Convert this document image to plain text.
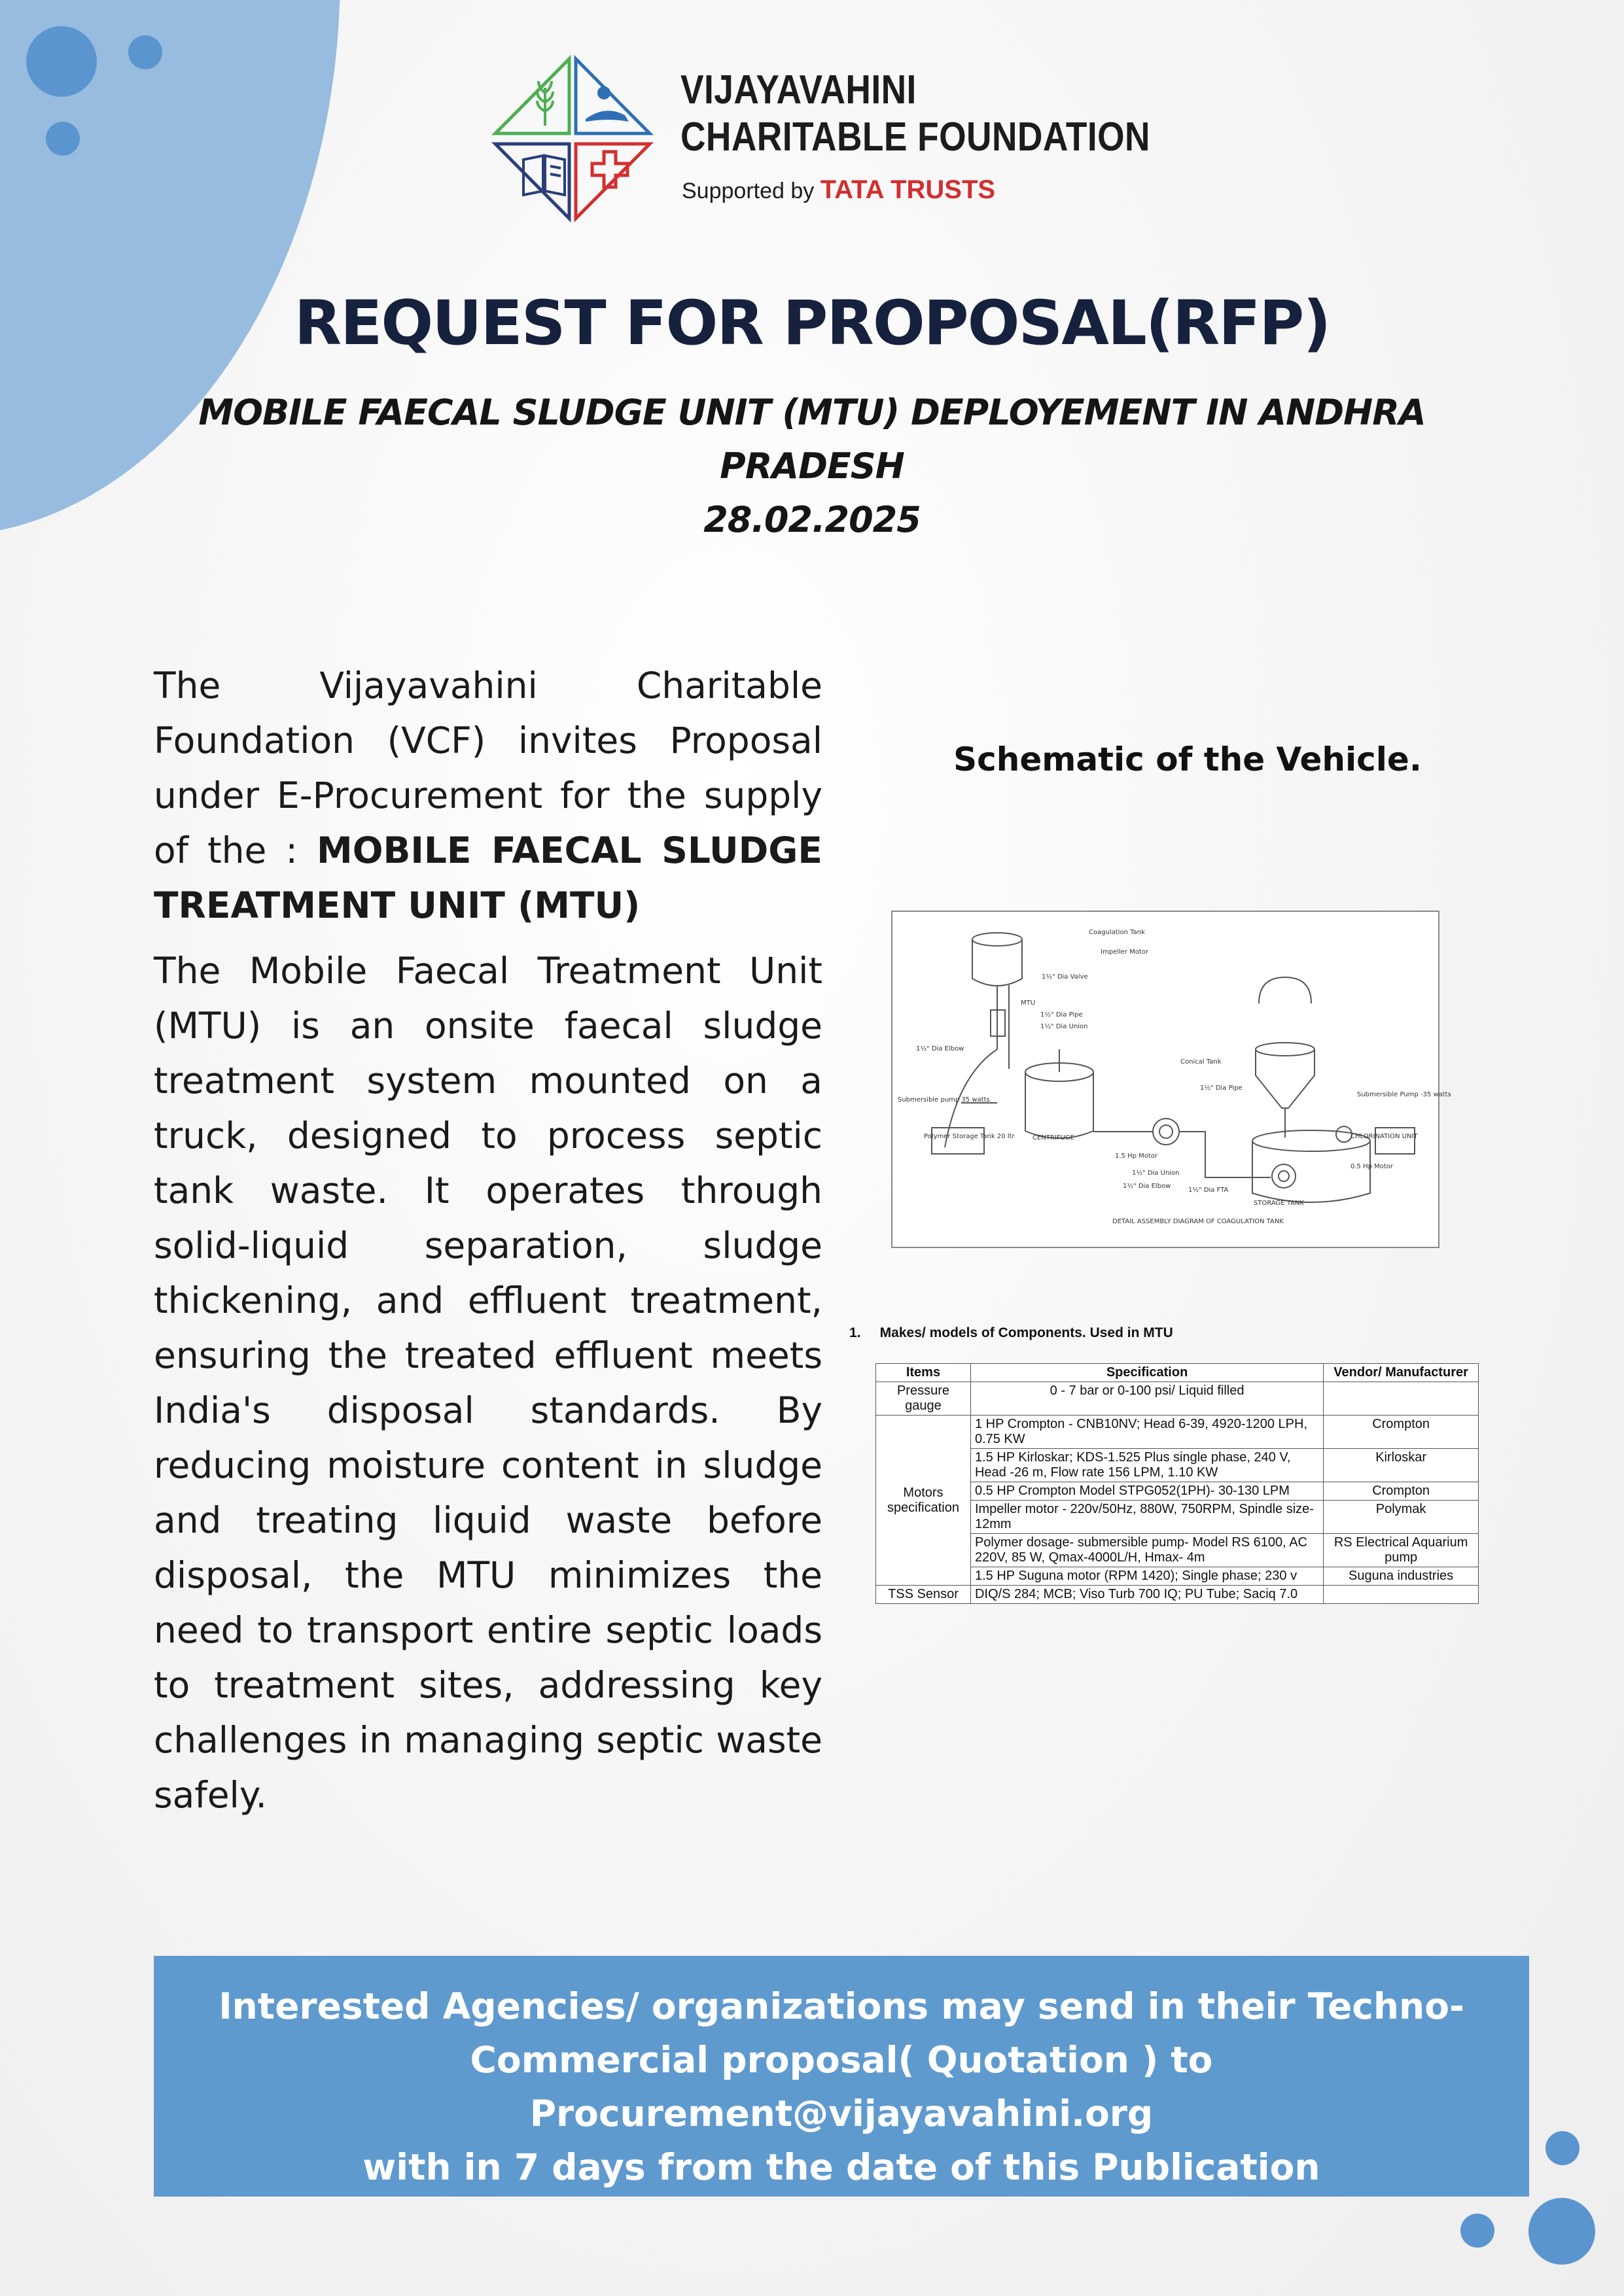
VIJAYAVAHINI
CHARITABLE FOUNDATION
Supported by TATA TRUSTS
REQUEST FOR PROPOSAL(RFP)
MOBILE FAECAL SLUDGE UNIT (MTU) DEPLOYEMENT IN ANDHRA
PRADESH
28.02.2025
The Vijayavahini Charitable Foundation (VCF) invites Proposal under E-Procurement for the supply of the : MOBILE FAECAL SLUDGE TREATMENT UNIT (MTU)
The Mobile Faecal Treatment Unit (MTU) is an onsite faecal sludge treatment system mounted on a truck, designed to process septic tank waste. It operates through solid-liquid separation, sludge thickening, and effluent treatment, ensuring the treated effluent meets India's disposal standards. By reducing moisture content in sludge and treating liquid waste before disposal, the MTU minimizes the need to transport entire septic loads to treatment sites, addressing key challenges in managing septic waste safely.
Schematic of the Vehicle.
Coagulation Tank
Impeller Motor
1½" Dia Valve
MTU
1½" Dia Pipe
1½" Dia Union
1½" Dia Elbow
Submersible pump 35 watts
Polymer Storage Tank 20 ltr	CENTRIFUGE
1.5 Hp Motor
Conical Tank
1½" Dia Pipe
Submersible Pump -35 watts
CHLORINATION UNIT
0.5 Hp Motor
1½" Dia Union
1½" Dia Elbow
1½" Dia FTA
STORAGE TANK
DETAIL ASSEMBLY DIAGRAM OF COAGULATION TANK
1.     Makes/ models of Components. Used in MTU
Items	Specification	Vendor/ Manufacturer
Pressure gauge	0 - 7 bar or 0-100 psi/ Liquid filled	
Motors specification	1 HP Crompton - CNB10NV; Head 6-39, 4920-1200 LPH, 0.75 KW	Crompton
	1.5 HP Kirloskar; KDS-1.525 Plus single phase, 240 V, Head -26 m, Flow rate 156 LPM, 1.10 KW	Kirloskar
	0.5 HP Crompton Model STPG052(1PH)- 30-130 LPM	Crompton
	Impeller motor - 220v/50Hz, 880W, 750RPM, Spindle size-12mm	Polymak
	Polymer dosage- submersible pump- Model RS 6100, AC 220V, 85 W, Qmax-4000L/H, Hmax- 4m	RS Electrical Aquarium pump
	1.5 HP Suguna motor (RPM 1420); Single phase; 230 v	Suguna industries
TSS Sensor	DIQ/S 284; MCB; Viso Turb 700 IQ; PU Tube; Saciq 7.0	
Interested Agencies/ organizations may send in their Techno-
Commercial proposal( Quotation ) to Procurement@vijayavahini.org
with in 7 days from the date of this Publication
